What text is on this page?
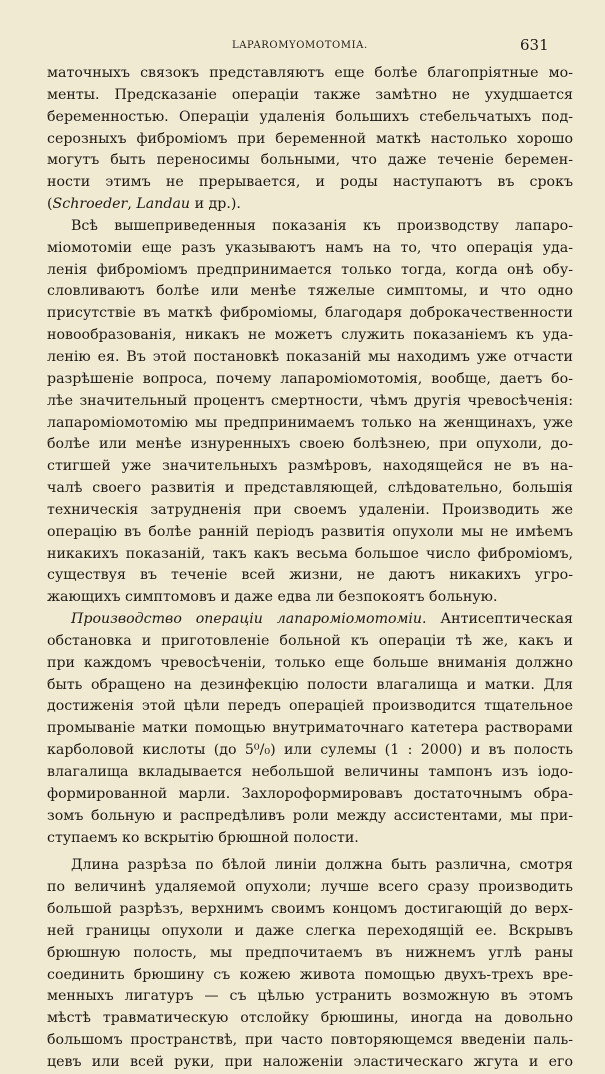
LAPAROMYOMOTOMIA.	631
маточныхъ связокъ представляютъ еще болѣе благопріятные мо-
менты. Предсказаніе операціи также замѣтно не ухудшается
беременностью. Операціи удаленія большихъ стебельчатыхъ под-
серозныхъ фибромiомъ при беременной маткѣ настолько хорошо
могутъ быть переносимы больными, что даже теченіе беремен-
ности этимъ не прерывается, и роды наступаютъ въ срокъ
(Schroeder, Landau и др.).
Всѣ вышеприведенныя показанія къ производству лапаро-
міомотоміи еще разъ указываютъ намъ на то, что операція уда-
ленія фибромiомъ предпринимается только тогда, когда онѣ обу-
словливаютъ болѣе или менѣе тяжелые симптомы, и что одно
присутствіе въ маткѣ фибромiомы, благодаря доброкачественности
новообразованія, никакъ не можетъ служить показаніемъ къ уда-
ленію ея. Въ этой постановкѣ показаній мы находимъ уже отчасти
разрѣшеніе вопроса, почему лапаромiомотомія, вообще, даетъ бо-
лѣе значительный процентъ смертности, чѣмъ другія чревосѣченія:
лапаромiомотомію мы предпринимаемъ только на женщинахъ, уже
болѣе или менѣе изнуренныхъ своею болѣзнею, при опухоли, до-
стигшей уже значительныхъ размѣровъ, находящейся не въ на-
чалѣ своего развитія и представляющей, слѣдовательно, большія
техническія затрудненія при своемъ удаленіи. Производить же
операцію въ болѣе ранній періодъ развитія опухоли мы не имѣемъ
никакихъ показаній, такъ какъ весьма большое число фибромiомъ,
существуя въ теченіе всей жизни, не даютъ никакихъ угро-
жающихъ симптомовъ и даже едва ли безпокоятъ больную.
Производство операціи лапаромiомотоміи. Антисептическая
обстановка и приготовленіе больной къ операціи тѣ же, какъ и
при каждомъ чревосѣченіи, только еще больше вниманія должно
быть обращено на дезинфекцію полости влагалища и матки. Для
достиженія этой цѣли передъ операціей производится тщательное
промываніе матки помощью внутриматочнаго катетера растворами
карболовой кислоты (до 5⁰/₀) или сулемы (1 : 2000) и въ полость
влагалища вкладывается небольшой величины тампонъ изъ іодо-
формированной марли. Захлороформировавъ достаточнымъ обра-
зомъ больную и распредѣливъ роли между ассистентами, мы при-
ступаемъ ко вскрытію брюшной полости.
Длина разрѣза по бѣлой линіи должна быть различна, смотря
по величинѣ удаляемой опухоли; лучше всего сразу производить
большой разрѣзъ, верхнимъ своимъ концомъ достигающій до верх-
ней границы опухоли и даже слегка переходящій ее. Вскрывъ
брюшную полость, мы предпочитаемъ въ нижнемъ углѣ раны
соединить брюшину съ кожею живота помощью двухъ-трехъ вре-
менныхъ лигатуръ — съ цѣлью устранить возможную въ этомъ
мѣстѣ травматическую отслойку брюшины, иногда на довольно
большомъ пространствѣ, при часто повторяющемся введеніи паль-
цевъ или всей руки, при наложеніи эластическаго жгута и его
